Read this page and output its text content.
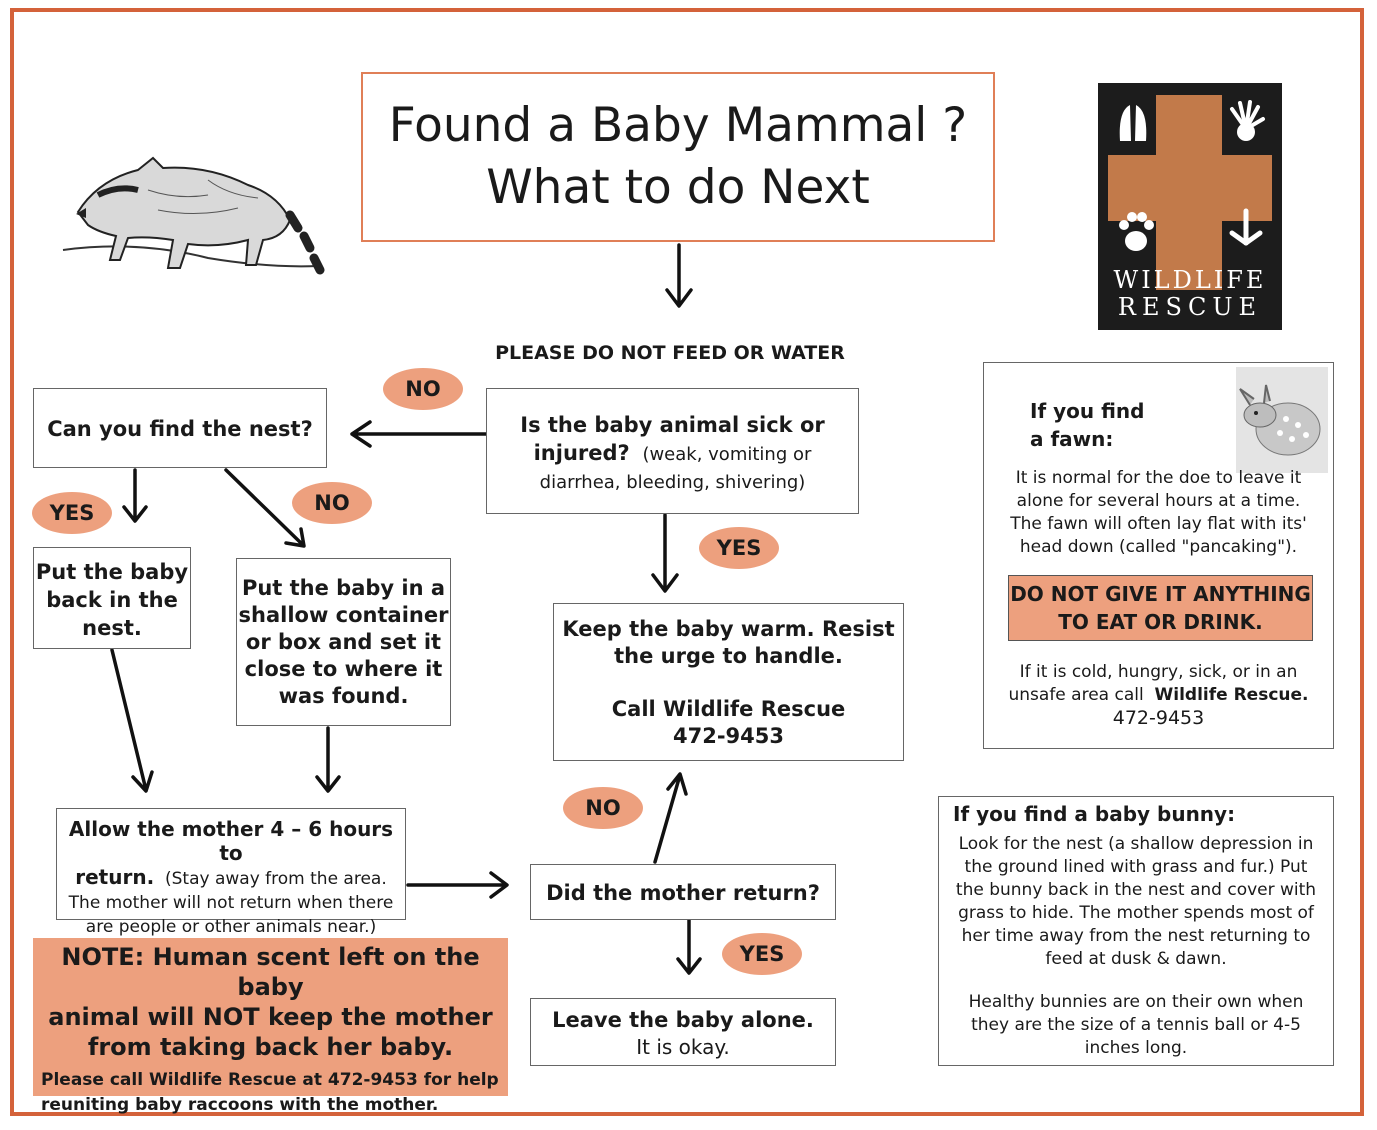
Found a Baby Mammal ?
What to do Next
WILDLIFE
RESCUE
PLEASE DO NOT FEED OR WATER
NO
YES	NO
YES
NO
YES
Is the baby animal sick or
injured? (weak, vomiting or
diarrhea, bleeding, shivering)
Can you find the nest?
Put the baby
back in the
nest.
Put the baby in a
shallow container
or box and set it
close to where it
was found.
Keep the baby warm. Resist
the urge to handle.
Call Wildlife Rescue
472-9453
Allow the mother 4 – 6 hours to
return. (Stay away from the area.
The mother will not return when there
are people or other animals near.)
Did the mother return?
Leave the baby alone.
It is okay.
NOTE: Human scent left on the baby
animal will NOT keep the mother
from taking back her baby.
Please call Wildlife Rescue at 472-9453 for help
reuniting baby raccoons with the mother.
If you find
a fawn:
It is normal for the doe to leave it
alone for several hours at a time.
The fawn will often lay flat with its'
head down (called "pancaking").
DO NOT GIVE IT ANYTHING
TO EAT OR DRINK.
If it is cold, hungry, sick, or in an
unsafe area call Wildlife Rescue.
472-9453
If you find a baby bunny:
Look for the nest (a shallow depression in
the ground lined with grass and fur.) Put
the bunny back in the nest and cover with
grass to hide. The mother spends most of
her time away from the nest returning to
feed at dusk & dawn.
Healthy bunnies are on their own when
they are the size of a tennis ball or 4-5
inches long.
